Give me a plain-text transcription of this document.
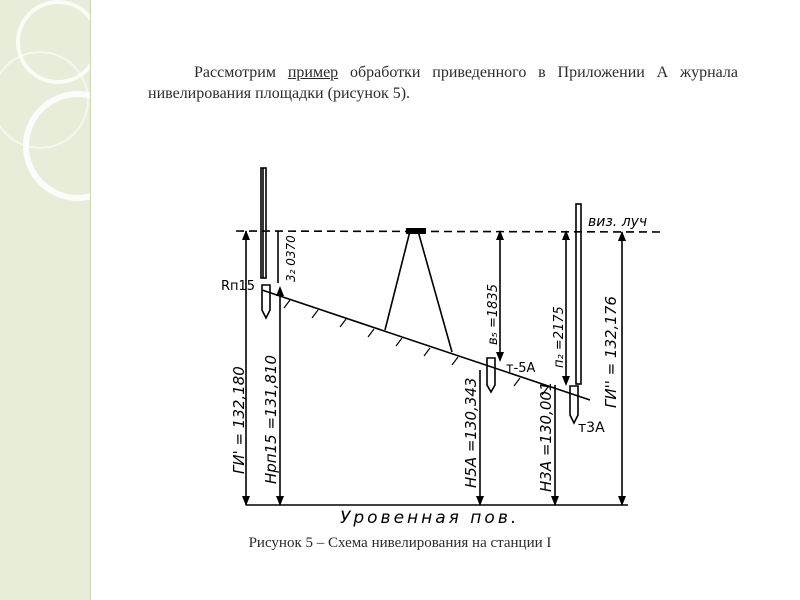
Рассмотрим пример обработки приведенного в Приложении А журнала нивелирования площадки (рисунок 5).

виз. луч
Rп15
т-5А
т3А
3₂ 0370
в₅ =1835	п₂ =2175
ГИ' = 132,180 Hрп15 =131,810	H5А =130,343	H3А =130,001
ГИ'' = 132,176
Уровенная пов.
Рисунок 5 – Схема нивелирования на станции I
